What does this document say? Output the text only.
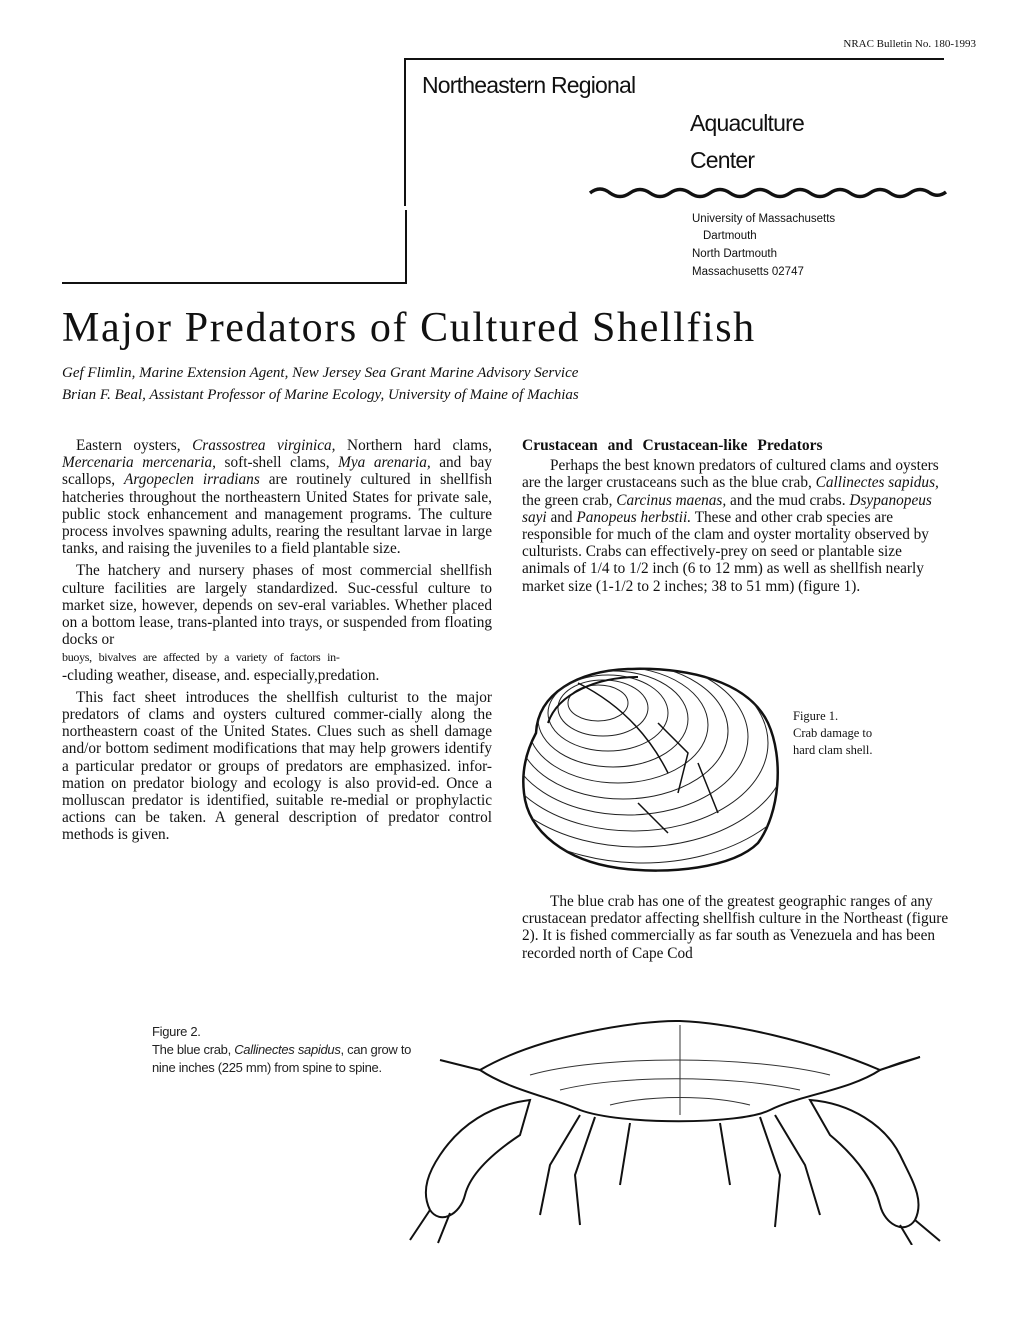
NRAC Bulletin No. 180-1993
Northeastern Regional
Aquaculture
Center
University of Massachusetts
Dartmouth
North Dartmouth
Massachusetts 02747
Major Predators of Cultured Shellfish
Gef Flimlin, Marine Extension Agent, New Jersey Sea Grant Marine Advisory Service
Brian F. Beal, Assistant Professor of Marine Ecology, University of Maine of Machias

Eastern oysters, Crassostrea virginica, Northern hard clams, Mercenaria mercenaria, soft-shell clams, Mya arenaria, and bay scallops, Argopeclen irradians are routinely cultured in shellfish hatcheries throughout the northeastern United States for private sale, public stock enhancement and management programs. The culture process involves spawning adults, rearing the resultant larvae in large tanks, and raising the juveniles to a field plantable size.

The hatchery and nursery phases of most commercial shellfish culture facilities are largely standardized. Suc-cessful culture to market size, however, depends on sev-eral variables. Whether placed on a bottom lease, trans-planted into trays, or suspended from floating docks or
buoys, bivalves are affected by a variety of factors in-
-cluding weather, disease, and. especially,predation.

This fact sheet introduces the shellfish culturist to the major predators of clams and oysters cultured commer-cially along the northeastern coast of the United States. Clues such as shell damage and/or bottom sediment modifications that may help growers identify a particular predator or groups of predators are emphasized. infor-mation on predator biology and ecology is also provid-ed. Once a molluscan predator is identified, suitable re-medial or prophylactic actions can be taken. A general description of predator control methods is given.

Crustacean and Crustacean-like Predators

Perhaps the best known predators of cultured clams and oysters are the larger crustaceans such as the blue crab, Callinectes sapidus, the green crab, Carcinus maenas, and the mud crabs. Dsypanopeus sayi and Panopeus herbstii. These and other crab species are responsible for much of the clam and oyster mortality observed by culturists. Crabs can effectively-prey on seed or plantable size animals of 1/4 to 1/2 inch (6 to 12 mm) as well as shellfish nearly market size (1-1/2 to 2 inches; 38 to 51 mm) (figure 1).

Figure 1.
Crab damage to
hard clam shell.

The blue crab has one of the greatest geographic ranges of any crustacean predator affecting shellfish culture in the Northeast (figure 2). It is fished commercially as far south as Venezuela and has been recorded north of Cape Cod

Figure 2.
The blue crab, Callinectes sapidus, can grow to
nine inches (225 mm) from spine to spine.
